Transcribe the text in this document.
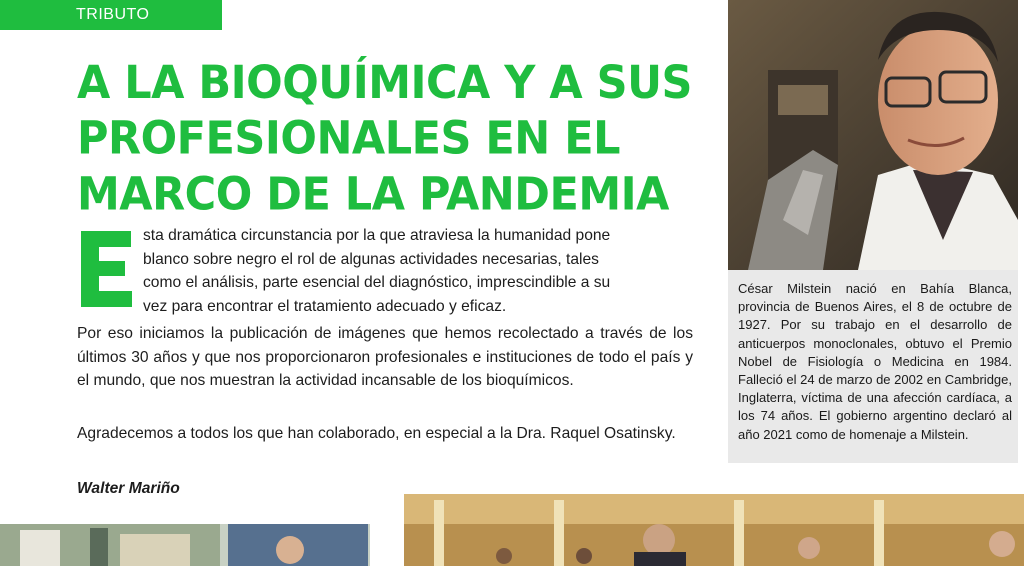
TRIBUTO
A LA BIOQUÍMICA Y A SUS
PROFESIONALES EN EL
MARCO DE LA PANDEMIA
sta dramática circunstancia por la que atraviesa la humanidad pone
blanco sobre negro el rol de algunas actividades necesarias, tales
como el análisis, parte esencial del diagnóstico, imprescindible a su
vez para encontrar el tratamiento adecuado y eficaz.

Por eso iniciamos la publicación de imágenes que hemos recolectado a través de los últimos 30 años y que nos proporcionaron profesionales e instituciones de todo el país y el mundo, que nos muestran la actividad incansable de los bioquímicos.

Agradecemos a todos los que han colaborado, en especial a la Dra. Raquel Osatinsky.

Walter Mariño

César Milstein nació en Bahía Blanca, provincia de Buenos Aires, el 8 de octubre de 1927. Por su trabajo en el desarrollo de anticuerpos monoclonales, obtuvo el Premio Nobel de Fisiología o Medicina en 1984. Falleció el 24 de marzo de 2002 en Cambridge, Inglaterra, víctima de una afección cardíaca, a los 74 años. El gobierno argentino declaró al año 2021 como de homenaje a Milstein.
